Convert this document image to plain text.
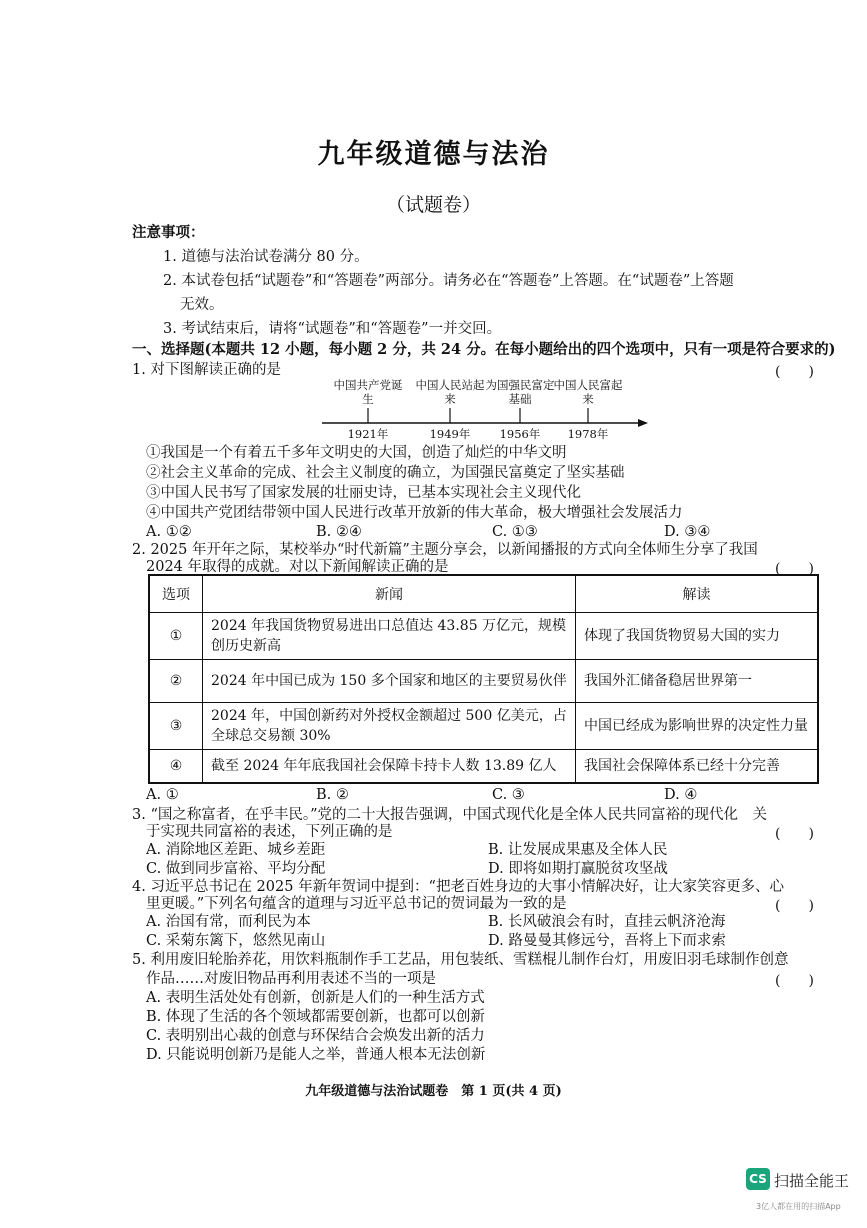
九年级道德与法治
（试题卷）
注意事项：
1. 道德与法治试卷满分 80 分。
2. 本试卷包括“试题卷”和“答题卷”两部分。请务必在“答题卷”上答题。在“试题卷”上答题
无效。
3. 考试结束后，请将“试题卷”和“答题卷”一并交回。
一、选择题(本题共 12 小题，每小题 2 分，共 24 分。在每小题给出的四个选项中，只有一项是符合要求的)
1. 对下图解读正确的是	(　　)
中国共产党诞生
中国人民站起来
为国强民富定基础
中国人民富起来
1921年	1949年	1956年	1978年
①我国是一个有着五千多年文明史的大国，创造了灿烂的中华文明
②社会主义革命的完成、社会主义制度的确立，为国强民富奠定了坚实基础
③中国人民书写了国家发展的壮丽史诗，已基本实现社会主义现代化
④中国共产党团结带领中国人民进行改革开放新的伟大革命，极大增强社会发展活力
A. ①②	B. ②④	C. ①③	D. ③④
2. 2025 年开年之际，某校举办“时代新篇”主题分享会，以新闻播报的方式向全体师生分享了我国
2024 年取得的成就。对以下新闻解读正确的是	(　　)
选项	新闻	解读
①	2024 年我国货物贸易进出口总值达 43.85 万亿元，规模创历史新高	体现了我国货物贸易大国的实力
②	2024 年中国已成为 150 多个国家和地区的主要贸易伙伴	我国外汇储备稳居世界第一
③	2024 年，中国创新药对外授权金额超过 500 亿美元，占全球总交易额 30%	中国已经成为影响世界的决定性力量
④	截至 2024 年年底我国社会保障卡持卡人数 13.89 亿人	我国社会保障体系已经十分完善
A. ①	B. ②	C. ③	D. ④
3. “国之称富者，在乎丰民。”党的二十大报告强调，中国式现代化是全体人民共同富裕的现代化　关
于实现共同富裕的表述，下列正确的是	(　　)
A. 消除地区差距、城乡差距	B. 让发展成果惠及全体人民
C. 做到同步富裕、平均分配	D. 即将如期打赢脱贫攻坚战
4. 习近平总书记在 2025 年新年贺词中提到：“把老百姓身边的大事小情解决好，让大家笑容更多、心
里更暖。”下列名句蕴含的道理与习近平总书记的贺词最为一致的是	(　　)
A. 治国有常，而利民为本	B. 长风破浪会有时，直挂云帆济沧海
C. 采菊东篱下，悠然见南山	D. 路曼曼其修远兮，吾将上下而求索
5. 利用废旧轮胎养花，用饮料瓶制作手工艺品，用包装纸、雪糕棍儿制作台灯，用废旧羽毛球制作创意
作品……对废旧物品再利用表述不当的一项是	(　　)
A. 表明生活处处有创新，创新是人们的一种生活方式
B. 体现了生活的各个领域都需要创新，也都可以创新
C. 表明别出心裁的创意与环保结合会焕发出新的活力
D. 只能说明创新乃是能人之举，普通人根本无法创新
九年级道德与法治试题卷　第 1 页(共 4 页)
CS 扫描全能王
3亿人都在用的扫描App
